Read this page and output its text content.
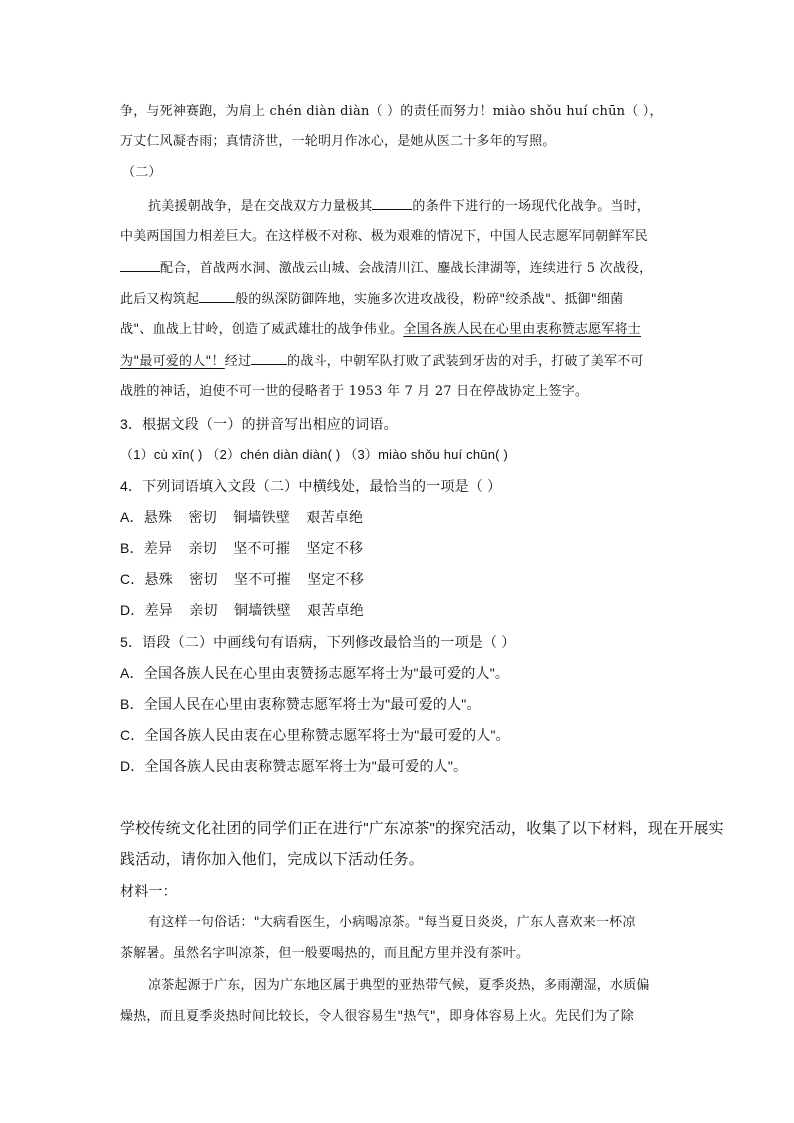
争，与死神赛跑，为肩上 chén diàn diàn（ ）的责任而努力！miào shǒu huí chūn（ ），

万丈仁风凝杏雨；真情济世，一轮明月作冰心，是她从医二十多年的写照。

（二）

抗美援朝战争，是在交战双方力量极其	的条件下进行的一场现代化战争。当时，

中美两国国力相差巨大。在这样极不对称、极为艰难的情况下，中国人民志愿军同朝鲜军民

配合，首战两水洞、激战云山城、会战清川江、鏖战长津湖等，连续进行 5 次战役，

此后又构筑起	般的纵深防御阵地，实施多次进攻战役，粉碎"绞杀战"、抵御"细菌

战"、血战上甘岭，创造了威武雄壮的战争伟业。全国各族人民在心里由衷称赞志愿军将士

为"最可爱的人"！经过	的战斗，中朝军队打败了武装到牙齿的对手，打破了美军不可

战胜的神话，迫使不可一世的侵略者于 1953 年 7 月 27 日在停战协定上签字。

3．根据文段（一）的拼音写出相应的词语。

（1）cù xīn( ) （2）chén diàn diàn( ) （3）miào shǒu huí chūn( )

4．下列词语填入文段（二）中横线处，最恰当的一项是（ ）

A．悬殊    密切    铜墙铁壁    艰苦卓绝

B．差异    亲切    坚不可摧    坚定不移

C．悬殊    密切    坚不可摧    坚定不移

D．差异    亲切    铜墙铁壁    艰苦卓绝

5．语段（二）中画线句有语病，下列修改最恰当的一项是（ ）

A．全国各族人民在心里由衷赞扬志愿军将士为"最可爱的人"。

B．全国人民在心里由衷称赞志愿军将士为"最可爱的人"。

C．全国各族人民由衷在心里称赞志愿军将士为"最可爱的人"。

D．全国各族人民由衷称赞志愿军将士为"最可爱的人"。

学校传统文化社团的同学们正在进行"广东凉茶"的探究活动，收集了以下材料，现在开展实

践活动，请你加入他们，完成以下活动任务。

材料一：

有这样一句俗话："大病看医生，小病喝凉茶。"每当夏日炎炎，广东人喜欢来一杯凉

茶解暑。虽然名字叫凉茶，但一般要喝热的，而且配方里并没有茶叶。

凉茶起源于广东，因为广东地区属于典型的亚热带气候，夏季炎热，多雨潮湿，水质偏

燥热，而且夏季炎热时间比较长，令人很容易生"热气"，即身体容易上火。先民们为了除
